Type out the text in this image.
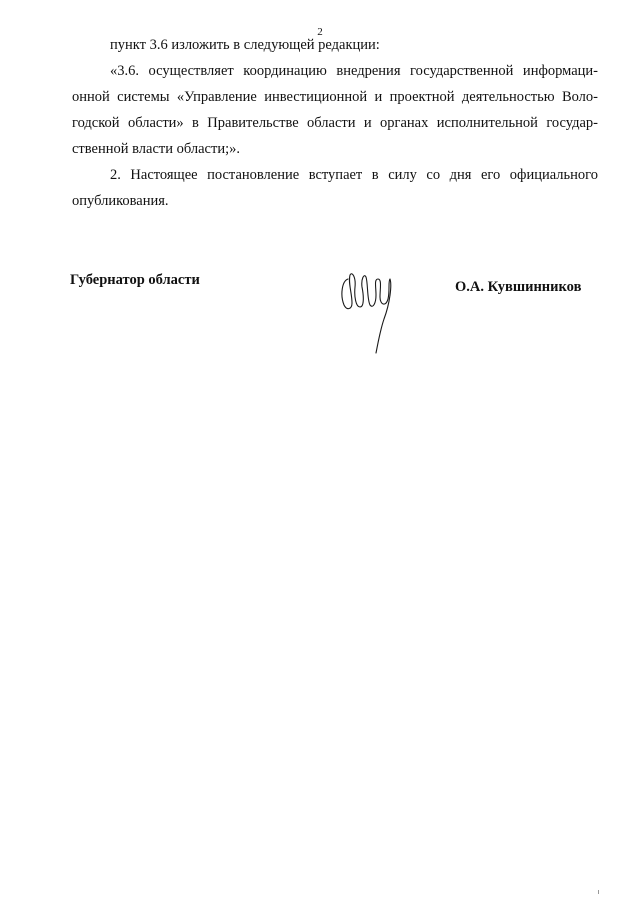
2
пункт 3.6 изложить в следующей редакции:
«3.6. осуществляет координацию внедрения государственной информаци-
онной системы «Управление инвестиционной и проектной деятельностью Воло-
годской области» в Правительстве области и органах исполнительной государ-
ственной власти области;».
2. Настоящее постановление вступает в силу со дня его официального
опубликования.
Губернатор области	О.А. Кувшинников
